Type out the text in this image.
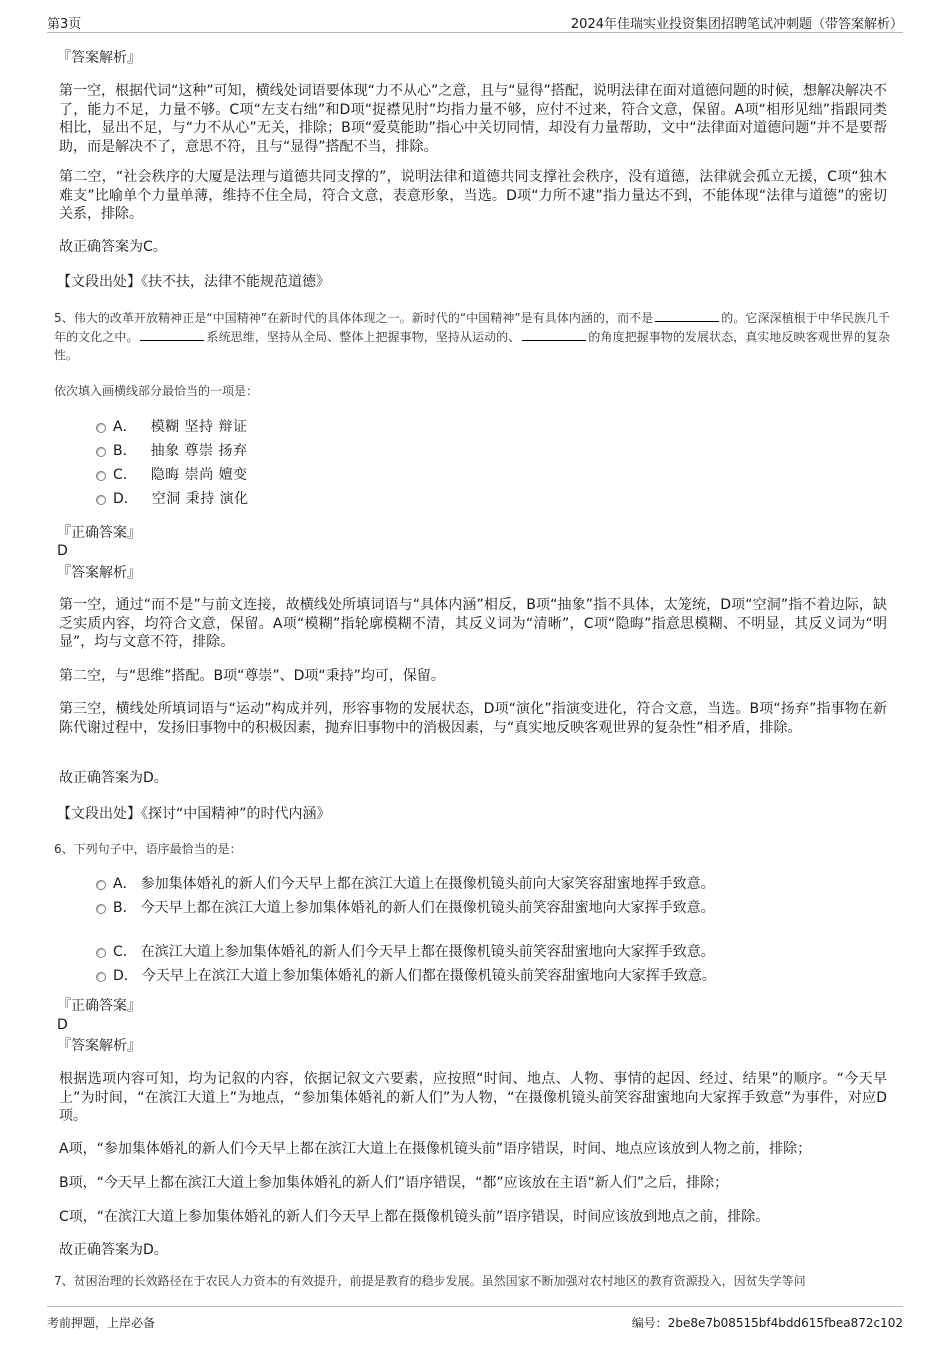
第3页	2024年佳瑞实业投资集团招聘笔试冲刺题（带答案解析）
『答案解析』
第一空，根据代词“这种”可知，横线处词语要体现“力不从心”之意，且与“显得”搭配，说明法律在面对道德问题的时候，想解决解决不了，能力不足，力量不够。C项“左支右绌”和D项“捉襟见肘”均指力量不够，应付不过来，符合文意，保留。A项“相形见绌”指跟同类相比，显出不足，与“力不从心”无关，排除；B项“爱莫能助”指心中关切同情，却没有力量帮助，文中“法律面对道德问题”并不是要帮助，而是解决不了，意思不符，且与“显得”搭配不当，排除。
第二空，“社会秩序的大厦是法理与道德共同支撑的”，说明法律和道德共同支撑社会秩序，没有道德，法律就会孤立无援，C项“独木难支”比喻单个力量单薄，维持不住全局，符合文意，表意形象，当选。D项“力所不逮”指力量达不到，不能体现“法律与道德”的密切关系，排除。
故正确答案为C。
【文段出处】《扶不扶，法律不能规范道德》
5、伟大的改革开放精神正是“中国精神”在新时代的具体体现之一。新时代的“中国精神”是有具体内涵的，而不是	的。它深深植根于中华民族几千年的文化之中。	系统思维，坚持从全局、整体上把握事物，坚持从运动的、	的角度把握事物的发展状态，真实地反映客观世界的复杂性。
依次填入画横线部分最恰当的一项是：
A． 模糊 坚持 辩证
B． 抽象 尊崇 扬弃
C． 隐晦 崇尚 嬗变
D． 空洞 秉持 演化
『正确答案』
D
『答案解析』
第一空，通过“而不是”与前文连接，故横线处所填词语与“具体内涵”相反，B项“抽象”指不具体，太笼统，D项“空洞”指不着边际，缺乏实质内容，均符合文意，保留。A项“模糊”指轮廓模糊不清，其反义词为“清晰”，C项“隐晦”指意思模糊、不明显，其反义词为“明显”，均与文意不符，排除。
第二空，与“思维”搭配。B项“尊崇”、D项“秉持”均可，保留。
第三空，横线处所填词语与“运动”构成并列，形容事物的发展状态，D项“演化”指演变进化，符合文意，当选。B项“扬弃”指事物在新陈代谢过程中，发扬旧事物中的积极因素，抛弃旧事物中的消极因素，与“真实地反映客观世界的复杂性”相矛盾，排除。
故正确答案为D。
【文段出处】《探讨“中国精神”的时代内涵》
6、下列句子中，语序最恰当的是：
A． 参加集体婚礼的新人们今天早上都在滨江大道上在摄像机镜头前向大家笑容甜蜜地挥手致意。
B． 今天早上都在滨江大道上参加集体婚礼的新人们在摄像机镜头前笑容甜蜜地向大家挥手致意。
C． 在滨江大道上参加集体婚礼的新人们今天早上都在摄像机镜头前笑容甜蜜地向大家挥手致意。
D． 今天早上在滨江大道上参加集体婚礼的新人们都在摄像机镜头前笑容甜蜜地向大家挥手致意。
『正确答案』
D
『答案解析』
根据选项内容可知，均为记叙的内容，依据记叙文六要素，应按照“时间、地点、人物、事情的起因、经过、结果”的顺序。“今天早上”为时间，“在滨江大道上”为地点，“参加集体婚礼的新人们”为人物，“在摄像机镜头前笑容甜蜜地向大家挥手致意”为事件，对应D项。
A项，“参加集体婚礼的新人们今天早上都在滨江大道上在摄像机镜头前”语序错误，时间、地点应该放到人物之前，排除；
B项，“今天早上都在滨江大道上参加集体婚礼的新人们”语序错误，“都”应该放在主语“新人们”之后，排除；
C项，“在滨江大道上参加集体婚礼的新人们今天早上都在摄像机镜头前”语序错误，时间应该放到地点之前，排除。
故正确答案为D。
7、贫困治理的长效路径在于农民人力资本的有效提升，前提是教育的稳步发展。虽然国家不断加强对农村地区的教育资源投入，因贫失学等问
考前押题，上岸必备	编号：2be8e7b08515bf4bdd615fbea872c102
